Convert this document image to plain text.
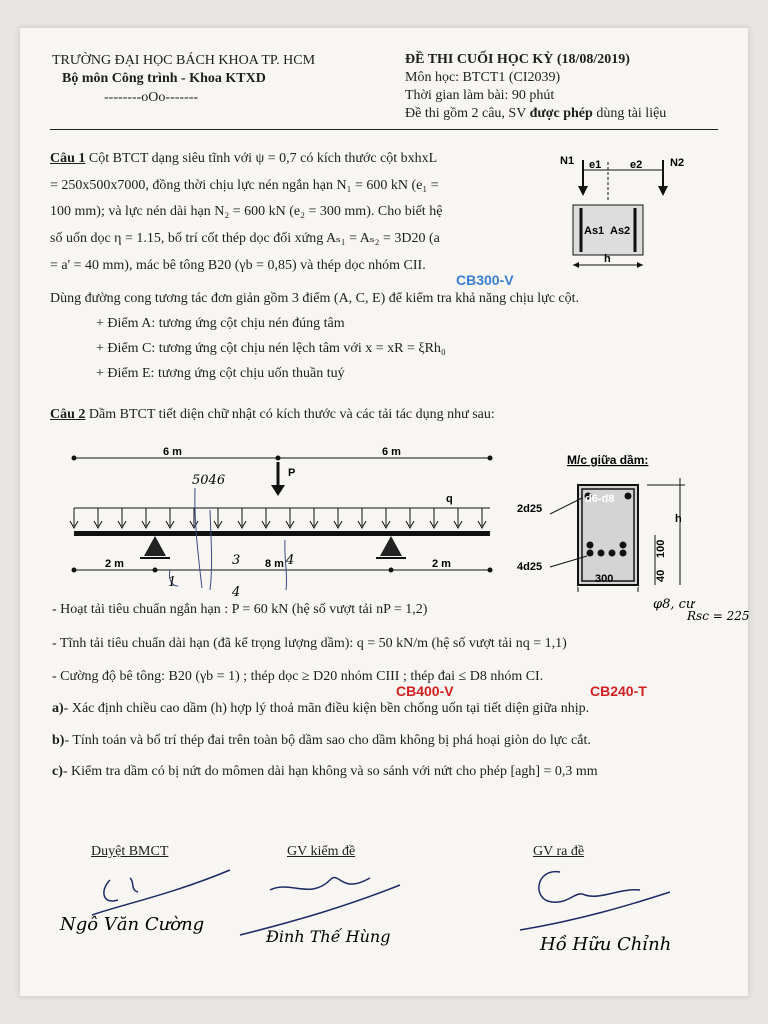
TRƯỜNG ĐẠI HỌC BÁCH KHOA TP. HCM
Bộ môn Công trình - Khoa KTXD
--------oOo-------
ĐỀ THI CUỐI HỌC KỲ (18/08/2019)
Môn học: BTCT1 (CI2039)
Thời gian làm bài: 90 phút
Đề thi gồm 2 câu, SV được phép dùng tài liệu
Câu 1 Cột BTCT dạng siêu tĩnh với ψ = 0,7 có kích thước cột bxhxL
= 250x500x7000, đồng thời chịu lực nén ngắn hạn N₁ = 600 kN (e₁ =
100 mm); và lực nén dài hạn N₂ = 600 kN (e₂ = 300 mm). Cho biết hệ
số uốn dọc η = 1.15, bố trí cốt thép dọc đối xứng Aₛ₁ = Aₛ₂ = 3D20 (a
= a' = 40 mm), mác bê tông B20 (γb = 0,85) và thép dọc nhóm CII.
CB300-V
Dùng đường cong tương tác đơn giản gồm 3 điểm (A, C, E) để kiểm tra khả năng chịu lực cột.
+ Điểm A: tương ứng cột chịu nén đúng tâm
+ Điểm C: tương ứng cột chịu nén lệch tâm với x = xR = ξRh₀
+ Điểm E: tương ứng cột chịu uốn thuần tuý
N1	N2
e1	e2
As1 As2
h
Câu 2 Dầm BTCT tiết diện chữ nhật có kích thước và các tải tác dụng như sau:
6 m	6 m
P
q
2 m	8 m	2 m
5046
1
3
4
4
M/c giữa dầm:
d6-d8
2d25
4d25
300
h
100
40
φ8, cư
Rsc = 225
- Hoạt tải tiêu chuẩn ngắn hạn : P = 60 kN (hệ số vượt tải nP = 1,2)
- Tĩnh tải tiêu chuẩn dài hạn (đã kể trọng lượng dầm): q = 50 kN/m (hệ số vượt tải nq = 1,1)
- Cường độ bê tông: B20 (γb = 1) ; thép dọc ≥ D20 nhóm CIII ; thép đai ≤ D8 nhóm CI.
CB400-V	CB240-T
a)- Xác định chiều cao dầm (h) hợp lý thoả mãn điều kiện bền chống uốn tại tiết diện giữa nhịp.
b)- Tính toán và bố trí thép đai trên toàn bộ dầm sao cho dầm không bị phá hoại giòn do lực cắt.
c)- Kiểm tra dầm có bị nứt do mômen dài hạn không và so sánh với nứt cho phép [agh] = 0,3 mm
Duyệt BMCT	GV kiểm đề	GV ra đề
Ngô Văn Cường
Đinh Thế Hùng	Hồ Hữu Chỉnh
